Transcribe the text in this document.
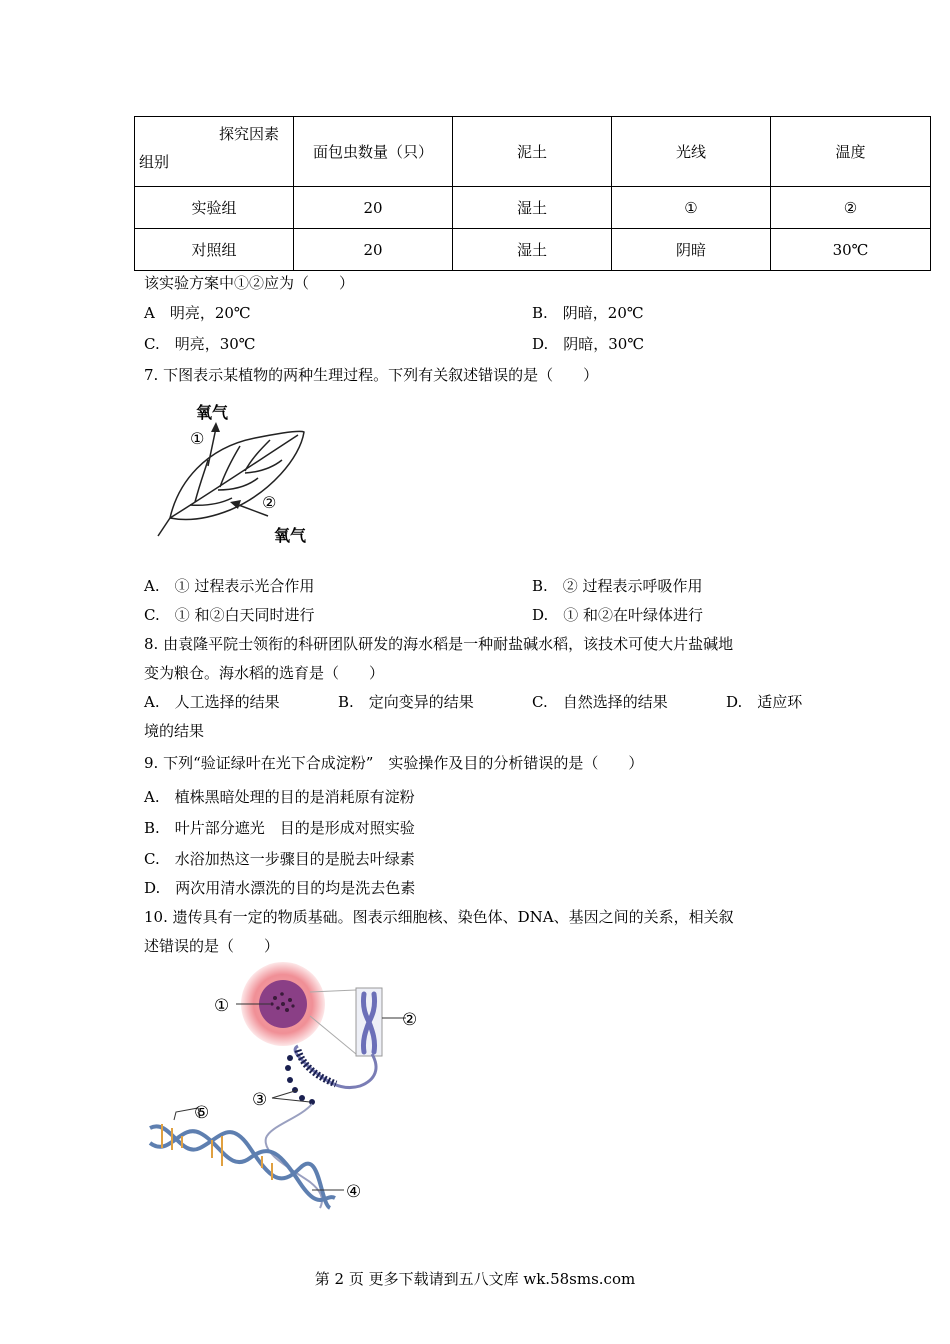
探究因素
组别	面包虫数量（只）	泥土	光线	温度
实验组	20	湿土	①	②
对照组	20	湿土	阴暗	30℃
该实验方案中①②应为（　　）
A　明亮，20℃	B.　阴暗，20℃
C.　明亮，30℃	D.　阴暗，30℃
7. 下图表示某植物的两种生理过程。下列有关叙述错误的是（　　）
氧气
①
②
氧气
A.　① 过程表示光合作用	B.　② 过程表示呼吸作用
C.　① 和②白天同时进行	D.　① 和②在叶绿体进行
8. 由袁隆平院士领衔的科研团队研发的海水稻是一种耐盐碱水稻，该技术可使大片盐碱地
变为粮仓。海水稻的选育是（　　）
A.　人工选择的结果	B.　定向变异的结果	C.　自然选择的结果	D.　适应环
境的结果
9. 下列“验证绿叶在光下合成淀粉”　实验操作及目的分析错误的是（　　）
A.　植株黑暗处理的目的是消耗原有淀粉
B.　叶片部分遮光　目的是形成对照实验
C.　水浴加热这一步骤目的是脱去叶绿素
D.　两次用清水漂洗的目的均是洗去色素
10. 遗传具有一定的物质基础。图表示细胞核、染色体、DNA、基因之间的关系，相关叙
述错误的是（　　）
①
②
③
④
⑤
第 2 页 更多下载请到五八文库 wk.58sms.com
